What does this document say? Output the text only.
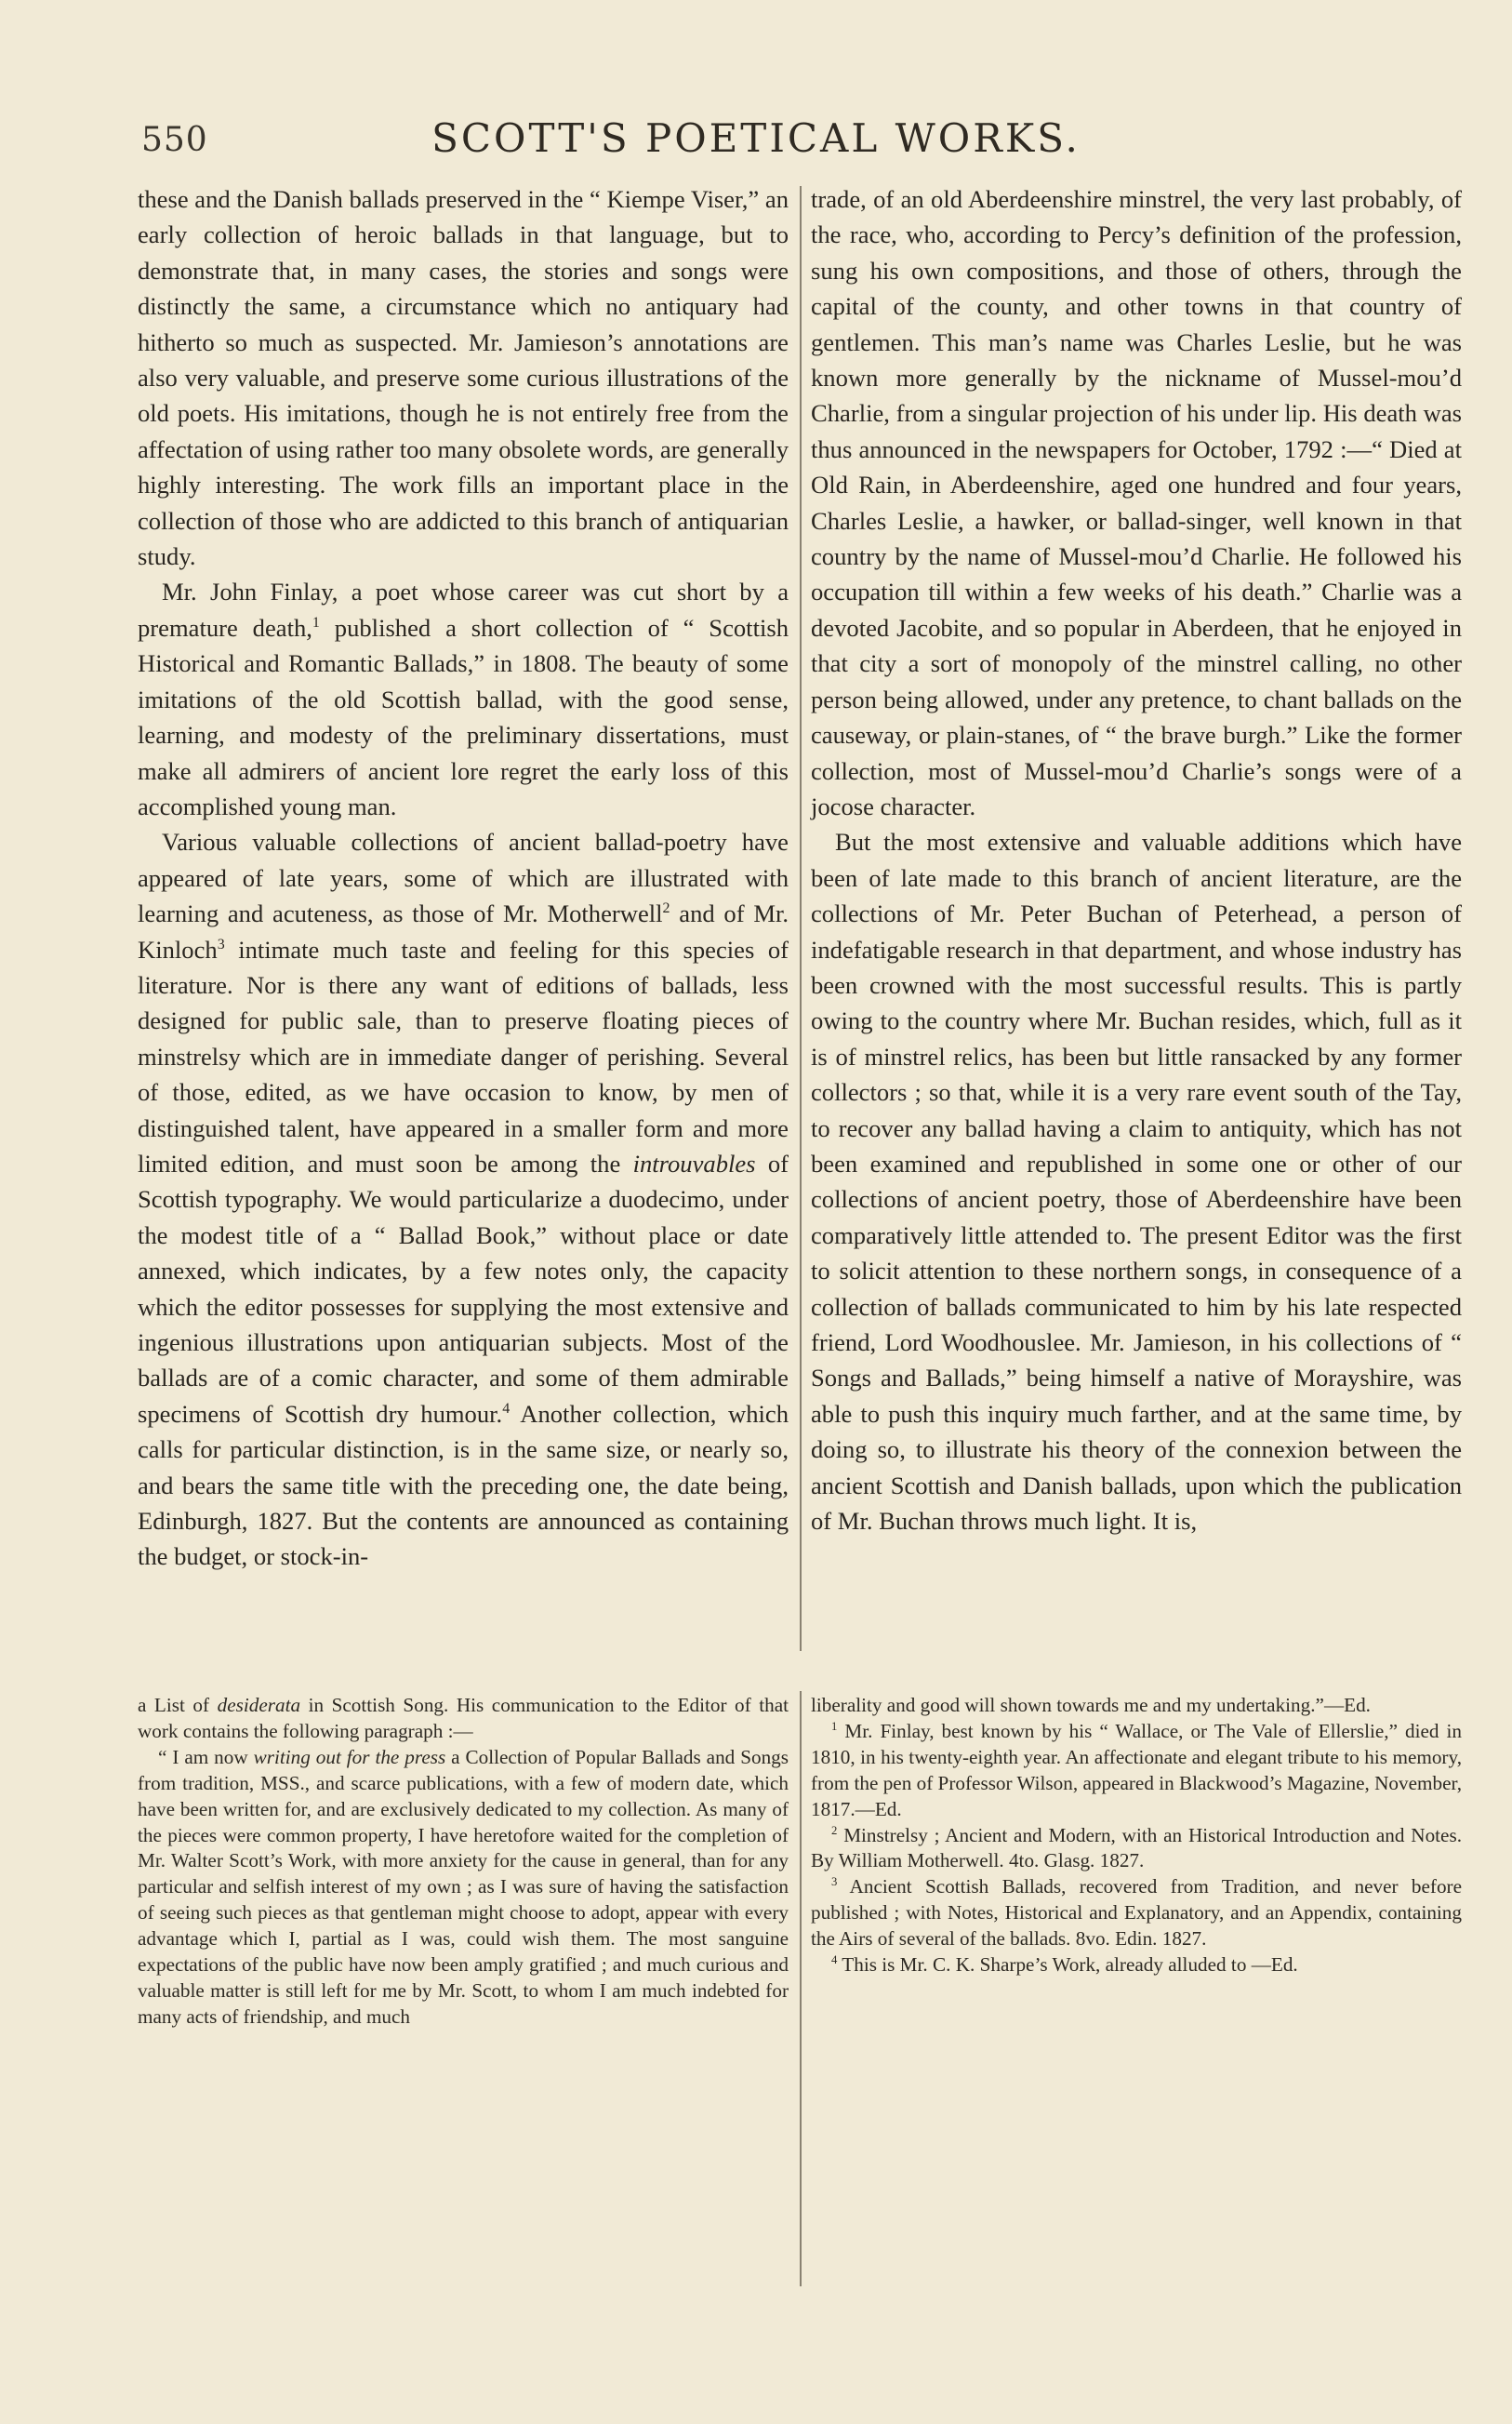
550	SCOTT'S POETICAL WORKS.

these and the Danish ballads preserved in the “ Kiempe Viser,” an early collection of heroic ballads in that language, but to demonstrate that, in many cases, the stories and songs were distinctly the same, a circumstance which no antiquary had hitherto so much as suspected. Mr. Jamieson’s annotations are also very valuable, and preserve some curious illustrations of the old poets. His imitations, though he is not entirely free from the affectation of using rather too many obsolete words, are generally highly interesting. The work fills an important place in the collection of those who are addicted to this branch of antiquarian study.

Mr. John Finlay, a poet whose career was cut short by a premature death,$^1$ published a short collection of “ Scottish Historical and Romantic Ballads,” in 1808. The beauty of some imitations of the old Scottish ballad, with the good sense, learning, and modesty of the preliminary dissertations, must make all admirers of ancient lore regret the early loss of this accomplished young man.

Various valuable collections of ancient ballad-poetry have appeared of late years, some of which are illustrated with learning and acuteness, as those of Mr. Motherwell$^2$ and of Mr. Kinloch$^3$ intimate much taste and feeling for this species of literature. Nor is there any want of editions of ballads, less designed for public sale, than to preserve floating pieces of minstrelsy which are in immediate danger of perishing. Several of those, edited, as we have occasion to know, by men of distinguished talent, have appeared in a smaller form and more limited edition, and must soon be among the introuvables of Scottish typography. We would particularize a duodecimo, under the modest title of a “ Ballad Book,” without place or date annexed, which indicates, by a few notes only, the capacity which the editor possesses for supplying the most extensive and ingenious illustrations upon antiquarian subjects. Most of the ballads are of a comic character, and some of them admirable specimens of Scottish dry humour.$^4$ Another collection, which calls for particular distinction, is in the same size, or nearly so, and bears the same title with the preceding one, the date being, Edinburgh, 1827. But the contents are announced as containing the budget, or stock-in-

trade, of an old Aberdeenshire minstrel, the very last probably, of the race, who, according to Percy’s definition of the profession, sung his own compositions, and those of others, through the capital of the county, and other towns in that country of gentlemen. This man’s name was Charles Leslie, but he was known more generally by the nickname of Mussel-mou’d Charlie, from a singular projection of his under lip. His death was thus announced in the newspapers for October, 1792 :—“ Died at Old Rain, in Aberdeenshire, aged one hundred and four years, Charles Leslie, a hawker, or ballad-singer, well known in that country by the name of Mussel-mou’d Charlie. He followed his occupation till within a few weeks of his death.” Charlie was a devoted Jacobite, and so popular in Aberdeen, that he enjoyed in that city a sort of monopoly of the minstrel calling, no other person being allowed, under any pretence, to chant ballads on the causeway, or plain-stanes, of “ the brave burgh.” Like the former collection, most of Mussel-mou’d Charlie’s songs were of a jocose character.

But the most extensive and valuable additions which have been of late made to this branch of ancient literature, are the collections of Mr. Peter Buchan of Peterhead, a person of indefatigable research in that department, and whose industry has been crowned with the most successful results. This is partly owing to the country where Mr. Buchan resides, which, full as it is of minstrel relics, has been but little ransacked by any former collectors ; so that, while it is a very rare event south of the Tay, to recover any ballad having a claim to antiquity, which has not been examined and republished in some one or other of our collections of ancient poetry, those of Aberdeenshire have been comparatively little attended to. The present Editor was the first to solicit attention to these northern songs, in consequence of a collection of ballads communicated to him by his late respected friend, Lord Woodhouslee. Mr. Jamieson, in his collections of “ Songs and Ballads,” being himself a native of Morayshire, was able to push this inquiry much farther, and at the same time, by doing so, to illustrate his theory of the connexion between the ancient Scottish and Danish ballads, upon which the publication of Mr. Buchan throws much light. It is,

a List of desiderata in Scottish Song. His communication to the Editor of that work contains the following paragraph :—

“ I am now writing out for the press a Collection of Popular Ballads and Songs from tradition, MSS., and scarce publications, with a few of modern date, which have been written for, and are exclusively dedicated to my collection. As many of the pieces were common property, I have heretofore waited for the completion of Mr. Walter Scott’s Work, with more anxiety for the cause in general, than for any particular and selfish interest of my own ; as I was sure of having the satisfaction of seeing such pieces as that gentleman might choose to adopt, appear with every advantage which I, partial as I was, could wish them. The most sanguine expectations of the public have now been amply gratified ; and much curious and valuable matter is still left for me by Mr. Scott, to whom I am much indebted for many acts of friendship, and much

liberality and good will shown towards me and my undertaking.”—Ed.

$^1$ Mr. Finlay, best known by his “ Wallace, or The Vale of Ellerslie,” died in 1810, in his twenty-eighth year. An affectionate and elegant tribute to his memory, from the pen of Professor Wilson, appeared in Blackwood’s Magazine, November, 1817.—Ed.

$^2$ Minstrelsy ; Ancient and Modern, with an Historical Introduction and Notes. By William Motherwell. 4to. Glasg. 1827.

$^3$ Ancient Scottish Ballads, recovered from Tradition, and never before published ; with Notes, Historical and Explanatory, and an Appendix, containing the Airs of several of the ballads. 8vo. Edin. 1827.

$^4$ This is Mr. C. K. Sharpe’s Work, already alluded to —Ed.
